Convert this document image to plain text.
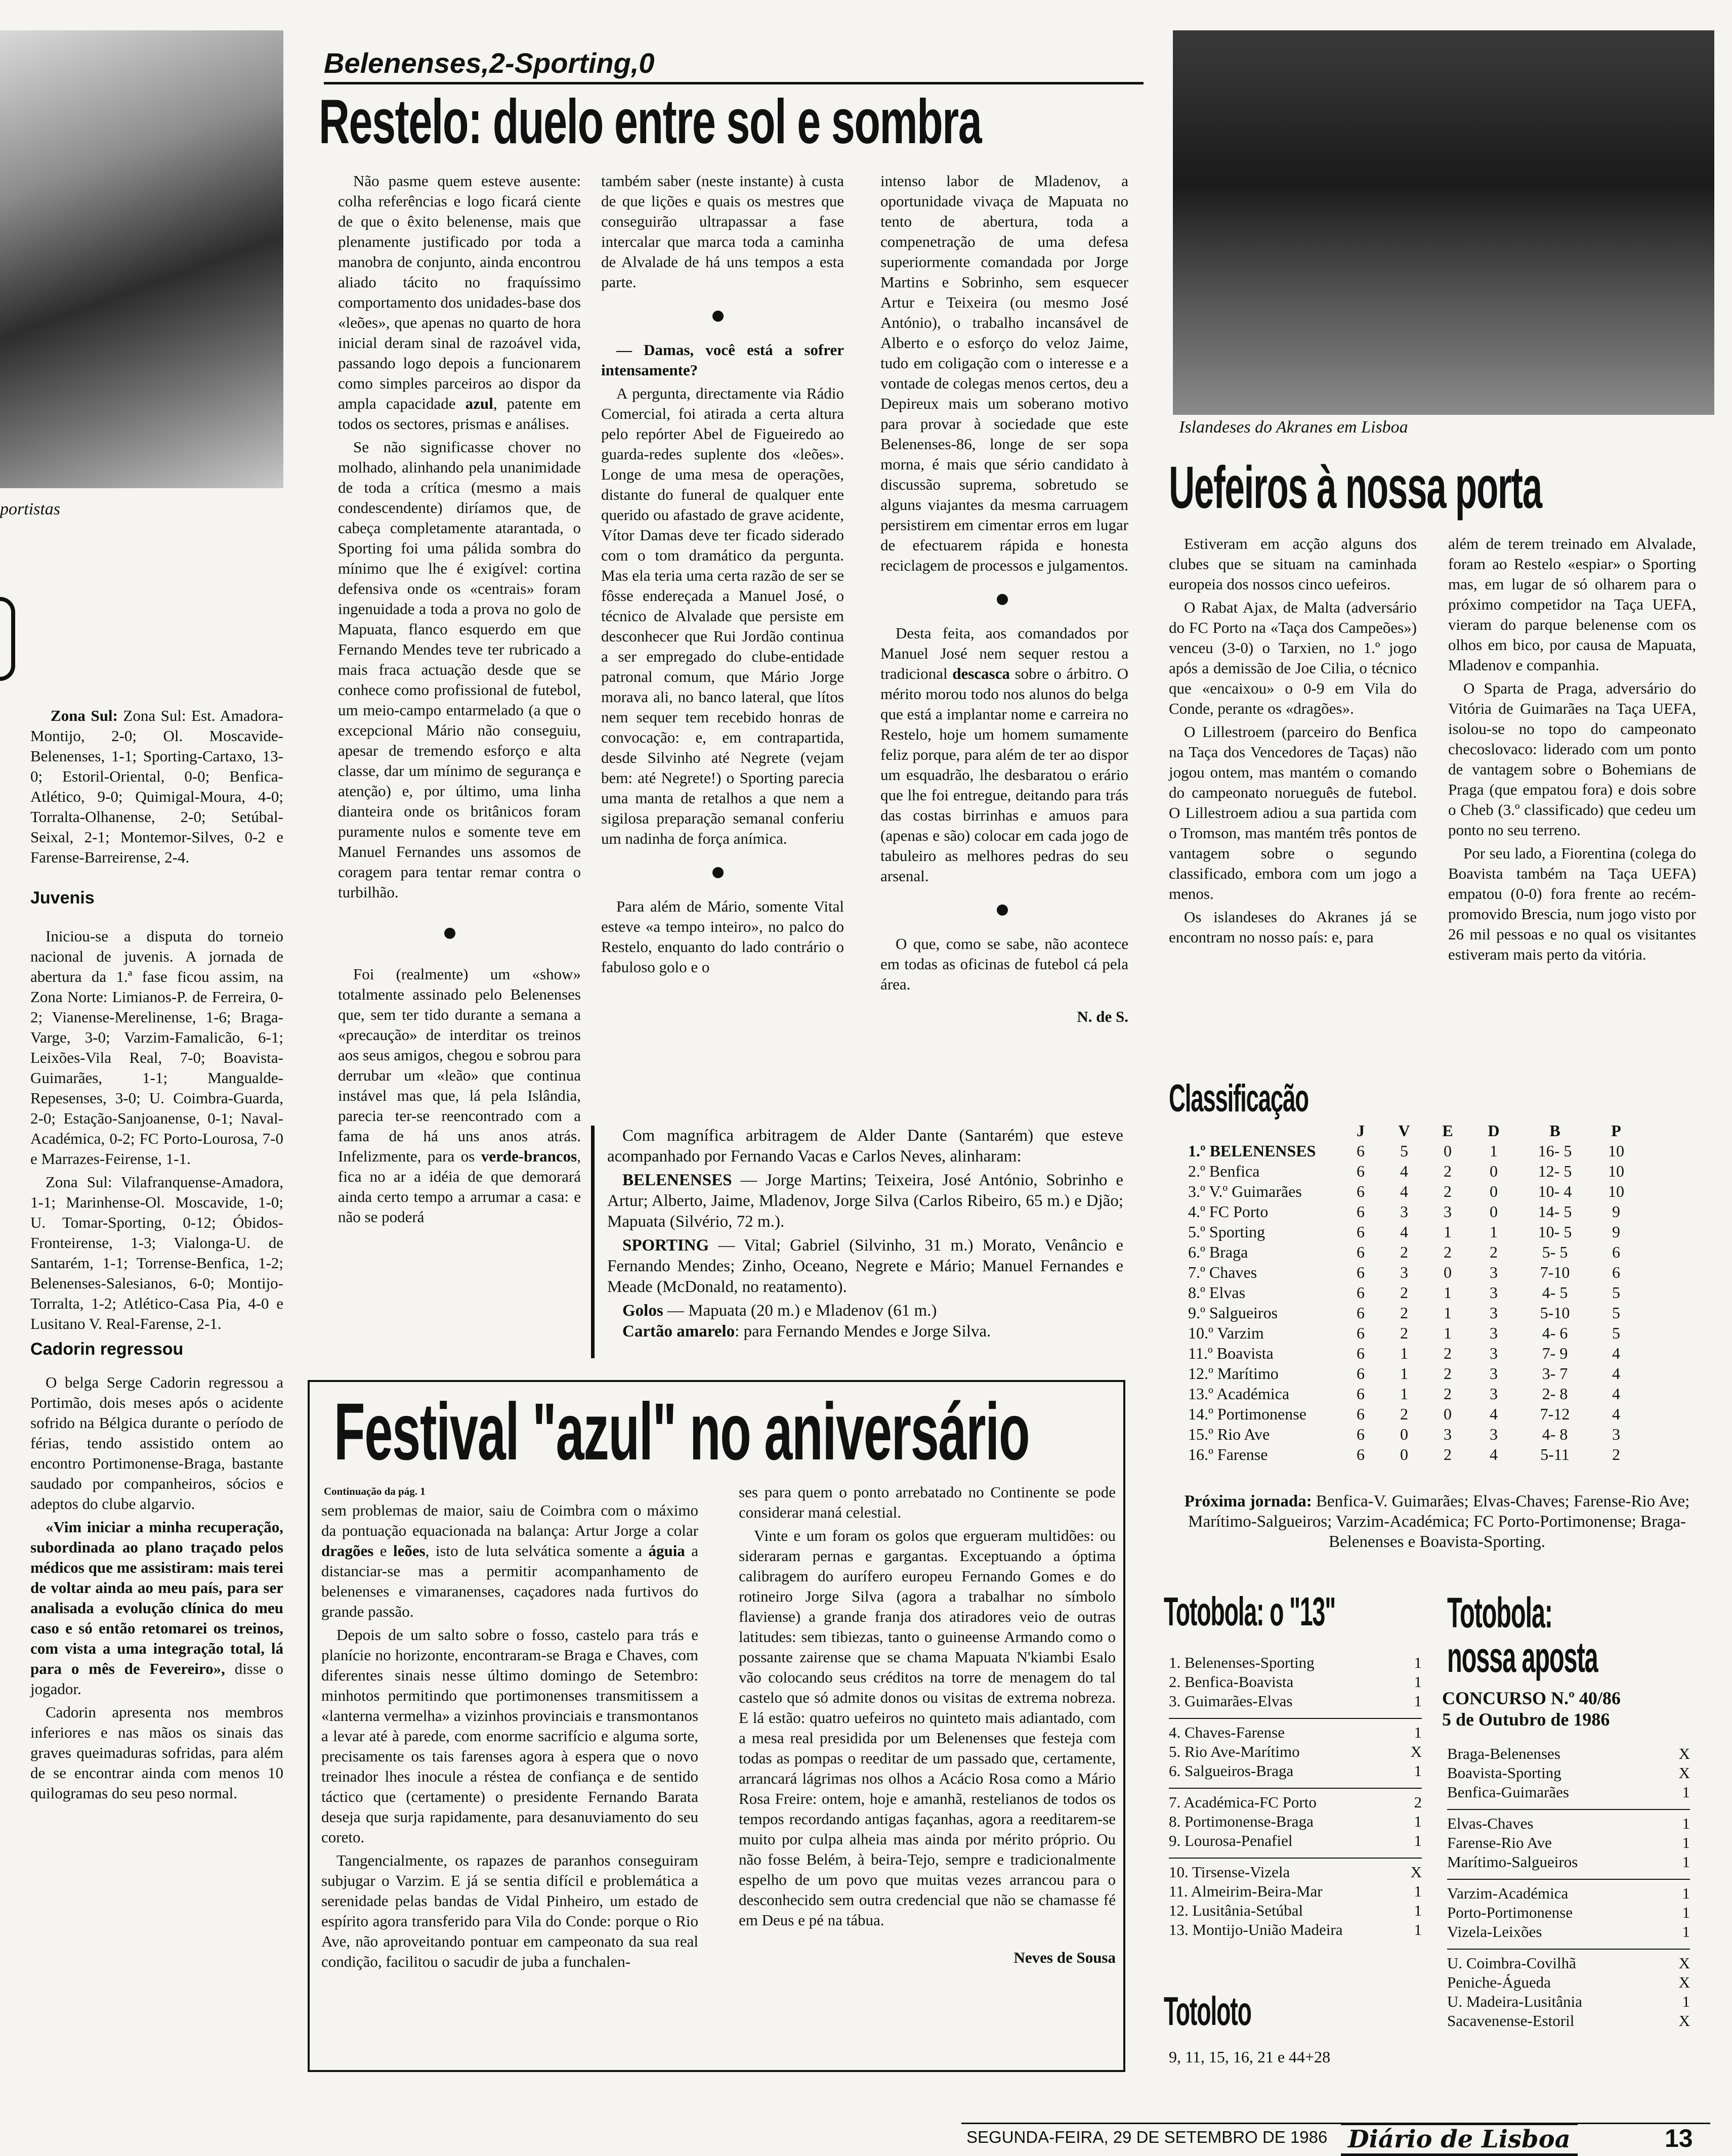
portistas

Zona Sul: Zona Sul: Est. Amadora-Montijo, 2-0; Ol. Moscavide-Belenenses, 1-1; Sporting-Cartaxo, 13-0; Estoril-Oriental, 0-0; Benfica-Atlético, 9-0; Quimigal-Moura, 4-0; Torralta-Olhanense, 2-0; Setúbal-Seixal, 2-1; Montemor-Silves, 0-2 e Farense-Barreirense, 2-4.

Juvenis

Iniciou-se a disputa do torneio nacional de juvenis. A jornada de abertura da 1.ª fase ficou assim, na Zona Norte: Limianos-P. de Ferreira, 0-2; Vianense-Merelinense, 1-6; Braga-Varge, 3-0; Varzim-Famalicão, 6-1; Leixões-Vila Real, 7-0; Boavista-Guimarães, 1-1; Mangualde-Repesenses, 3-0; U. Coimbra-Guarda, 2-0; Estação-Sanjoanense, 0-1; Naval-Académica, 0-2; FC Porto-Lourosa, 7-0 e Marrazes-Feirense, 1-1.

Zona Sul: Vilafranquense-Amadora, 1-1; Marinhense-Ol. Moscavide, 1-0; U. Tomar-Sporting, 0-12; Óbidos-Fronteirense, 1-3; Vialonga-U. de Santarém, 1-1; Torrense-Benfica, 1-2; Belenenses-Salesianos, 6-0; Montijo-Torralta, 1-2; Atlético-Casa Pia, 4-0 e Lusitano V. Real-Farense, 2-1.

Cadorin regressou

O belga Serge Cadorin regressou a Portimão, dois meses após o acidente sofrido na Bélgica durante o período de férias, tendo assistido ontem ao encontro Portimonense-Braga, bastante saudado por companheiros, sócios e adeptos do clube algarvio.

«Vim iniciar a minha recuperação, subordinada ao plano traçado pelos médicos que me assistiram: mais terei de voltar ainda ao meu país, para ser analisada a evolução clínica do meu caso e só então retomarei os treinos, com vista a uma integração total, lá para o mês de Fevereiro», disse o jogador.

Cadorin apresenta nos membros inferiores e nas mãos os sinais das graves queimaduras sofridas, para além de se encontrar ainda com menos 10 quilogramas do seu peso normal.

Belenenses,2-Sporting,0
Restelo: duelo entre sol e sombra

Não pasme quem esteve ausente: colha referências e logo ficará ciente de que o êxito belenense, mais que plenamente justificado por toda a manobra de conjunto, ainda encontrou aliado tácito no fraquíssimo comportamento dos unidades-base dos «leões», que apenas no quarto de hora inicial deram sinal de razoável vida, passando logo depois a funcionarem como simples parceiros ao dispor da ampla capacidade azul, patente em todos os sectores, prismas e análises.

Se não significasse chover no molhado, alinhando pela unanimidade de toda a crítica (mesmo a mais condescendente) diríamos que, de cabeça completamente atarantada, o Sporting foi uma pálida sombra do mínimo que lhe é exigível: cortina defensiva onde os «centrais» foram ingenuidade a toda a prova no golo de Mapuata, flanco esquerdo em que Fernando Mendes teve ter rubricado a mais fraca actuação desde que se conhece como profissional de futebol, um meio-campo entarmelado (a que o excepcional Mário não conseguiu, apesar de tremendo esforço e alta classe, dar um mínimo de segurança e atenção) e, por último, uma linha dianteira onde os britânicos foram puramente nulos e somente teve em Manuel Fernandes uns assomos de coragem para tentar remar contra o turbilhão.

Foi (realmente) um «show» totalmente assinado pelo Belenenses que, sem ter tido durante a semana a «precaução» de interditar os treinos aos seus amigos, chegou e sobrou para derrubar um «leão» que continua instável mas que, lá pela Islândia, parecia ter-se reencontrado com a fama de há uns anos atrás. Infelizmente, para os verde-brancos, fica no ar a idéia de que demorará ainda certo tempo a arrumar a casa: e não se poderá

também saber (neste instante) à custa de que lições e quais os mestres que conseguirão ultrapassar a fase intercalar que marca toda a caminha de Alvalade de há uns tempos a esta parte.

— Damas, você está a sofrer intensamente?

A pergunta, directamente via Rádio Comercial, foi atirada a certa altura pelo repórter Abel de Figueiredo ao guarda-redes suplente dos «leões». Longe de uma mesa de operações, distante do funeral de qualquer ente querido ou afastado de grave acidente, Vítor Damas deve ter ficado siderado com o tom dramático da pergunta. Mas ela teria uma certa razão de ser se fôsse endereçada a Manuel José, o técnico de Alvalade que persiste em desconhecer que Rui Jordão continua a ser empregado do clube-entidade patronal comum, que Mário Jorge morava ali, no banco lateral, que lítos nem sequer tem recebido honras de convocação: e, em contrapartida, desde Silvinho até Negrete (vejam bem: até Negrete!) o Sporting parecia uma manta de retalhos a que nem a sigilosa preparação semanal conferiu um nadinha de força anímica.

Para além de Mário, somente Vital esteve «a tempo inteiro», no palco do Restelo, enquanto do lado contrário o fabuloso golo e o

intenso labor de Mladenov, a oportunidade vivaça de Mapuata no tento de abertura, toda a compenetração de uma defesa superiormente comandada por Jorge Martins e Sobrinho, sem esquecer Artur e Teixeira (ou mesmo José António), o trabalho incansável de Alberto e o esforço do veloz Jaime, tudo em coligação com o interesse e a vontade de colegas menos certos, deu a Depireux mais um soberano motivo para provar à sociedade que este Belenenses-86, longe de ser sopa morna, é mais que sério candidato à discussão suprema, sobretudo se alguns viajantes da mesma carruagem persistirem em cimentar erros em lugar de efectuarem rápida e honesta reciclagem de processos e julgamentos.

Desta feita, aos comandados por Manuel José nem sequer restou a tradicional descasca sobre o árbitro. O mérito morou todo nos alunos do belga que está a implantar nome e carreira no Restelo, hoje um homem sumamente feliz porque, para além de ter ao dispor um esquadrão, lhe desbaratou o erário que lhe foi entregue, deitando para trás das costas birrinhas e amuos para (apenas e são) colocar em cada jogo de tabuleiro as melhores pedras do seu arsenal.

O que, como se sabe, não acontece em todas as oficinas de futebol cá pela área.

N. de S.

Com magnífica arbitragem de Alder Dante (Santarém) que esteve acompanhado por Fernando Vacas e Carlos Neves, alinharam:

BELENENSES — Jorge Martins; Teixeira, José António, Sobrinho e Artur; Alberto, Jaime, Mladenov, Jorge Silva (Carlos Ribeiro, 65 m.) e Djão; Mapuata (Silvério, 72 m.).

SPORTING — Vital; Gabriel (Silvinho, 31 m.) Morato, Venâncio e Fernando Mendes; Zinho, Oceano, Negrete e Mário; Manuel Fernandes e Meade (McDonald, no reatamento).

Golos — Mapuata (20 m.) e Mladenov (61 m.)

Cartão amarelo: para Fernando Mendes e Jorge Silva.

Festival "azul" no aniversário
Continuação da pág. 1

sem problemas de maior, saiu de Coimbra com o máximo da pontuação equacionada na balança: Artur Jorge a colar dragões e leões, isto de luta selvática somente a águia a distanciar-se mas a permitir acompanhamento de belenenses e vimaranenses, caçadores nada furtivos do grande passão.

Depois de um salto sobre o fosso, castelo para trás e planície no horizonte, encontraram-se Braga e Chaves, com diferentes sinais nesse último domingo de Setembro: minhotos permitindo que portimonenses transmitissem a «lanterna vermelha» a vizinhos provinciais e transmontanos a levar até à parede, com enorme sacrifício e alguma sorte, precisamente os tais farenses agora à espera que o novo treinador lhes inocule a réstea de confiança e de sentido táctico que (certamente) o presidente Fernando Barata deseja que surja rapidamente, para desanuviamento do seu coreto.

Tangencialmente, os rapazes de paranhos conseguiram subjugar o Varzim. E já se sentia difícil e problemática a serenidade pelas bandas de Vidal Pinheiro, um estado de espírito agora transferido para Vila do Conde: porque o Rio Ave, não aproveitando pontuar em campeonato da sua real condição, facilitou o sacudir de juba a funchalen-

ses para quem o ponto arrebatado no Continente se pode considerar maná celestial.

Vinte e um foram os golos que ergueram multidões: ou sideraram pernas e gargantas. Exceptuando a óptima calibragem do aurífero europeu Fernando Gomes e do rotineiro Jorge Silva (agora a trabalhar no símbolo flaviense) a grande franja dos atiradores veio de outras latitudes: sem tibiezas, tanto o guineense Armando como o possante zairense que se chama Mapuata N'kiambi Esalo vão colocando seus créditos na torre de menagem do tal castelo que só admite donos ou visitas de extrema nobreza. E lá estão: quatro uefeiros no quinteto mais adiantado, com a mesa real presidida por um Belenenses que festeja com todas as pompas o reeditar de um passado que, certamente, arrancará lágrimas nos olhos a Acácio Rosa como a Mário Rosa Freire: ontem, hoje e amanhã, restelianos de todos os tempos recordando antigas façanhas, agora a reeditarem-se muito por culpa alheia mas ainda por mérito próprio. Ou não fosse Belém, à beira-Tejo, sempre e tradicionalmente espelho de um povo que muitas vezes arrancou para o desconhecido sem outra credencial que não se chamasse fé em Deus e pé na tábua.

Neves de Sousa
Islandeses do Akranes em Lisboa
Uefeiros à nossa porta

Estiveram em acção alguns dos clubes que se situam na caminhada europeia dos nossos cinco uefeiros.

O Rabat Ajax, de Malta (adversário do FC Porto na «Taça dos Campeões») venceu (3-0) o Tarxien, no 1.º jogo após a demissão de Joe Cilia, o técnico que «encaixou» o 0-9 em Vila do Conde, perante os «dragões».

O Lillestroem (parceiro do Benfica na Taça dos Vencedores de Taças) não jogou ontem, mas mantém o comando do campeonato norueguês de futebol. O Lillestroem adiou a sua partida com o Tromson, mas mantém três pontos de vantagem sobre o segundo classificado, embora com um jogo a menos.

Os islandeses do Akranes já se encontram no nosso país: e, para

além de terem treinado em Alvalade, foram ao Restelo «espiar» o Sporting mas, em lugar de só olharem para o próximo competidor na Taça UEFA, vieram do parque belenense com os olhos em bico, por causa de Mapuata, Mladenov e companhia.

O Sparta de Praga, adversário do Vitória de Guimarães na Taça UEFA, isolou-se no topo do campeonato checoslovaco: liderado com um ponto de vantagem sobre o Bohemians de Praga (que empatou fora) e dois sobre o Cheb (3.º classificado) que cedeu um ponto no seu terreno.

Por seu lado, a Fiorentina (colega do Boavista também na Taça UEFA) empatou (0-0) fora frente ao recém-promovido Brescia, num jogo visto por 26 mil pessoas e no qual os visitantes estiveram mais perto da vitória.

Classificação
	J	V	E	D	B	P
1.º BELENENSES	6	5	0	1	16- 5	10
2.º Benfica	6	4	2	0	12- 5	10
3.º V.º Guimarães	6	4	2	0	10- 4	10
4.º FC Porto	6	3	3	0	14- 5	9
5.º Sporting	6	4	1	1	10- 5	9
6.º Braga	6	2	2	2	5- 5	6
7.º Chaves	6	3	0	3	7-10	6
8.º Elvas	6	2	1	3	4- 5	5
9.º Salgueiros	6	2	1	3	5-10	5
10.º Varzim	6	2	1	3	4- 6	5
11.º Boavista	6	1	2	3	7- 9	4
12.º Marítimo	6	1	2	3	3- 7	4
13.º Académica	6	1	2	3	2- 8	4
14.º Portimonense	6	2	0	4	7-12	4
15.º Rio Ave	6	0	3	3	4- 8	3
16.º Farense	6	0	2	4	5-11	2

Próxima jornada: Benfica-V. Guimarães; Elvas-Chaves; Farense-Rio Ave; Marítimo-Salgueiros; Varzim-Académica; FC Porto-Portimonense; Braga-Belenenses e Boavista-Sporting.

Totobola: o "13"
1. Belenenses-Sporting	1
2. Benfica-Boavista	1
3. Guimarães-Elvas	1
4. Chaves-Farense	1
5. Rio Ave-Marítimo	X
6. Salgueiros-Braga	1
7. Académica-FC Porto	2
8. Portimonense-Braga	1
9. Lourosa-Penafiel	1
10. Tirsense-Vizela	X
11. Almeirim-Beira-Mar	1
12. Lusitânia-Setúbal	1
13. Montijo-União Madeira	1
Totoloto
9, 11, 15, 16, 21 e 44+28
Totobola:
nossa aposta
CONCURSO N.º 40/86
5 de Outubro de 1986
Braga-Belenenses	X
Boavista-Sporting	X
Benfica-Guimarães	1
Elvas-Chaves	1
Farense-Rio Ave	1
Marítimo-Salgueiros	1
Varzim-Académica	1
Porto-Portimonense	1
Vizela-Leixões	1
U. Coimbra-Covilhã	X
Peniche-Águeda	X
U. Madeira-Lusitânia	1
Sacavenense-Estoril	X
SEGUNDA-FEIRA, 29 DE SETEMBRO DE 1986 Diário de Lisboa	13
